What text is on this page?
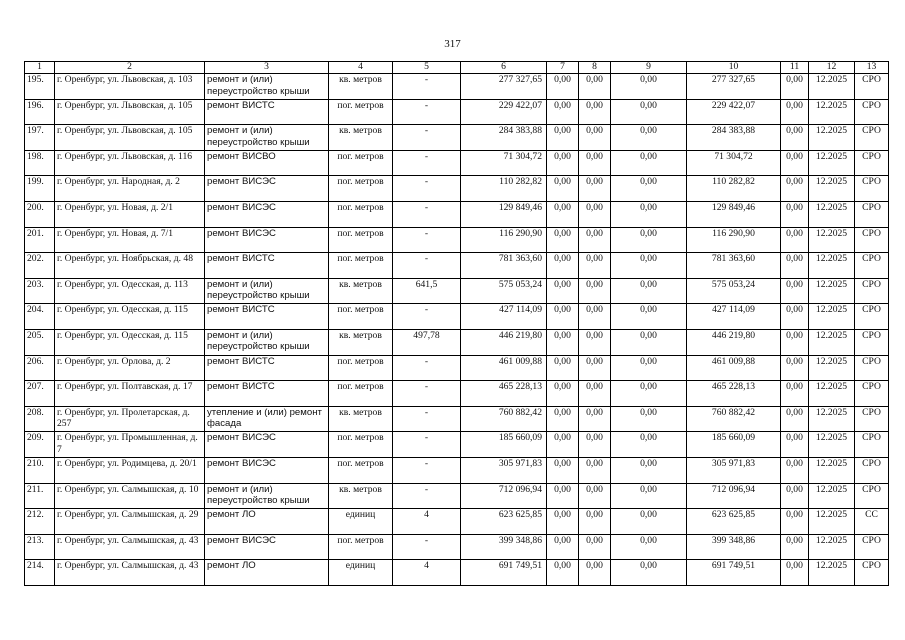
317
1	2	3	4	5	6	7	8	9	10	11	12	13
195.	г. Оренбург, ул. Львовская, д. 103	ремонт и (или) переустройство крыши	кв. метров	-	277 327,65	0,00	0,00	0,00	277 327,65	0,00	12.2025	СРО
196.	г. Оренбург, ул. Львовская, д. 105	ремонт ВИСТС	пог. метров	-	229 422,07	0,00	0,00	0,00	229 422,07	0,00	12.2025	СРО
197.	г. Оренбург, ул. Львовская, д. 105	ремонт и (или) переустройство крыши	кв. метров	-	284 383,88	0,00	0,00	0,00	284 383,88	0,00	12.2025	СРО
198.	г. Оренбург, ул. Львовская, д. 116	ремонт ВИСВО	пог. метров	-	71 304,72	0,00	0,00	0,00	71 304,72	0,00	12.2025	СРО
199.	г. Оренбург, ул. Народная, д. 2	ремонт ВИСЭС	пог. метров	-	110 282,82	0,00	0,00	0,00	110 282,82	0,00	12.2025	СРО
200.	г. Оренбург, ул. Новая, д. 2/1	ремонт ВИСЭС	пог. метров	-	129 849,46	0,00	0,00	0,00	129 849,46	0,00	12.2025	СРО
201.	г. Оренбург, ул. Новая, д. 7/1	ремонт ВИСЭС	пог. метров	-	116 290,90	0,00	0,00	0,00	116 290,90	0,00	12.2025	СРО
202.	г. Оренбург, ул. Ноябрьская, д. 48	ремонт ВИСТС	пог. метров	-	781 363,60	0,00	0,00	0,00	781 363,60	0,00	12.2025	СРО
203.	г. Оренбург, ул. Одесская, д. 113	ремонт и (или) переустройство крыши	кв. метров	641,5	575 053,24	0,00	0,00	0,00	575 053,24	0,00	12.2025	СРО
204.	г. Оренбург, ул. Одесская, д. 115	ремонт ВИСТС	пог. метров	-	427 114,09	0,00	0,00	0,00	427 114,09	0,00	12.2025	СРО
205.	г. Оренбург, ул. Одесская, д. 115	ремонт и (или) переустройство крыши	кв. метров	497,78	446 219,80	0,00	0,00	0,00	446 219,80	0,00	12.2025	СРО
206.	г. Оренбург, ул. Орлова, д. 2	ремонт ВИСТС	пог. метров	-	461 009,88	0,00	0,00	0,00	461 009,88	0,00	12.2025	СРО
207.	г. Оренбург, ул. Полтавская, д. 17	ремонт ВИСТС	пог. метров	-	465 228,13	0,00	0,00	0,00	465 228,13	0,00	12.2025	СРО
208.	г. Оренбург, ул. Пролетарская, д. 257	утепление и (или) ремонт фасада	кв. метров	-	760 882,42	0,00	0,00	0,00	760 882,42	0,00	12.2025	СРО
209.	г. Оренбург, ул. Промышленная, д. 7	ремонт ВИСЭС	пог. метров	-	185 660,09	0,00	0,00	0,00	185 660,09	0,00	12.2025	СРО
210.	г. Оренбург, ул. Родимцева, д. 20/1	ремонт ВИСЭС	пог. метров	-	305 971,83	0,00	0,00	0,00	305 971,83	0,00	12.2025	СРО
211.	г. Оренбург, ул. Салмышская, д. 10	ремонт и (или) переустройство крыши	кв. метров	-	712 096,94	0,00	0,00	0,00	712 096,94	0,00	12.2025	СРО
212.	г. Оренбург, ул. Салмышская, д. 29	ремонт ЛО	единиц	4	623 625,85	0,00	0,00	0,00	623 625,85	0,00	12.2025	СС
213.	г. Оренбург, ул. Салмышская, д. 43	ремонт ВИСЭС	пог. метров	-	399 348,86	0,00	0,00	0,00	399 348,86	0,00	12.2025	СРО
214.	г. Оренбург, ул. Салмышская, д. 43	ремонт ЛО	единиц	4	691 749,51	0,00	0,00	0,00	691 749,51	0,00	12.2025	СРО
